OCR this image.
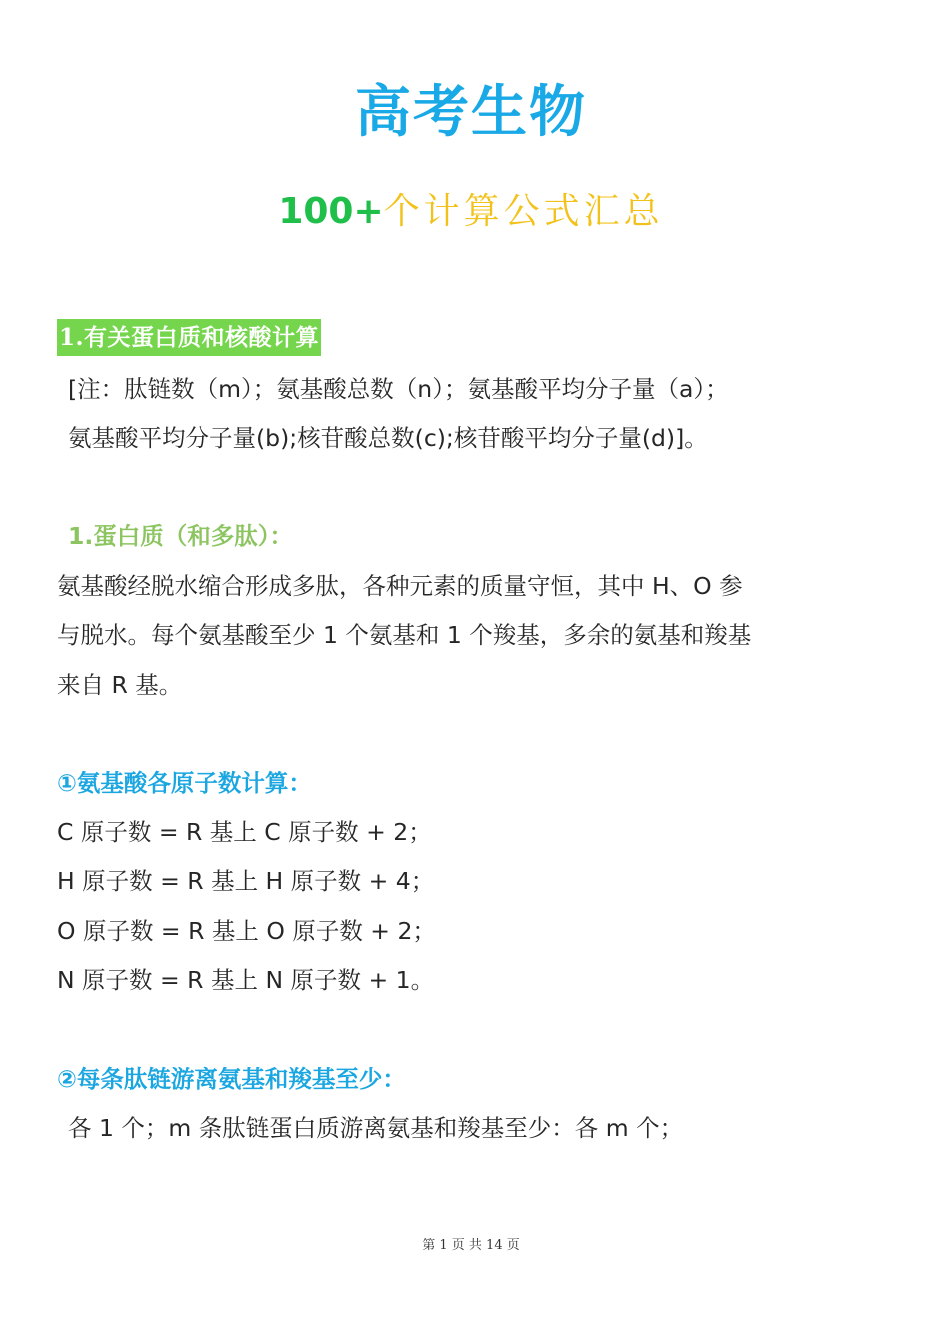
高考生物
100+个计算公式汇总
1.有关蛋白质和核酸计算
[注：肽链数（m）；氨基酸总数（n）；氨基酸平均分子量（a）；
氨基酸平均分子量(b);核苷酸总数(c);核苷酸平均分子量(d)]。
1.蛋白质（和多肽）：
氨基酸经脱水缩合形成多肽，各种元素的质量守恒，其中 H、O 参
与脱水。每个氨基酸至少 1 个氨基和 1 个羧基，多余的氨基和羧基
来自 R 基。
①氨基酸各原子数计算：
C 原子数 = R 基上 C 原子数 + 2；
H 原子数 = R 基上 H 原子数 + 4；
O 原子数 = R 基上 O 原子数 + 2；
N 原子数 = R 基上 N 原子数 + 1。
②每条肽链游离氨基和羧基至少：
各 1 个；m 条肽链蛋白质游离氨基和羧基至少：各 m 个；
第 1 页 共 14 页
